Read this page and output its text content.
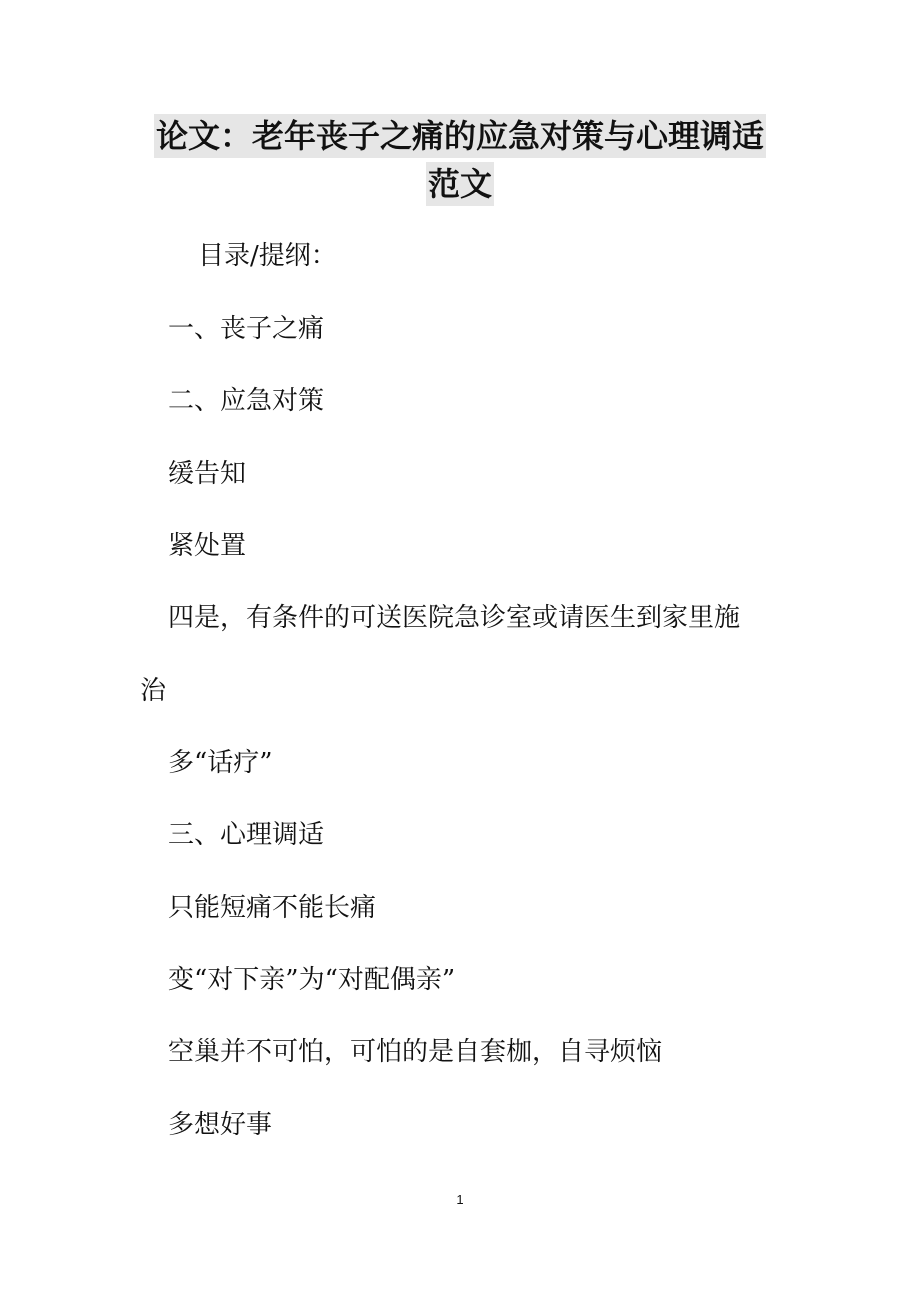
论文：老年丧子之痛的应急对策与心理调适
范文
目录/提纲：
一、丧子之痛
二、应急对策
缓告知
紧处置
四是，有条件的可送医院急诊室或请医生到家里施
治
多“话疗”
三、心理调适
只能短痛不能长痛
变“对下亲”为“对配偶亲”
空巢并不可怕，可怕的是自套枷，自寻烦恼
多想好事
1
